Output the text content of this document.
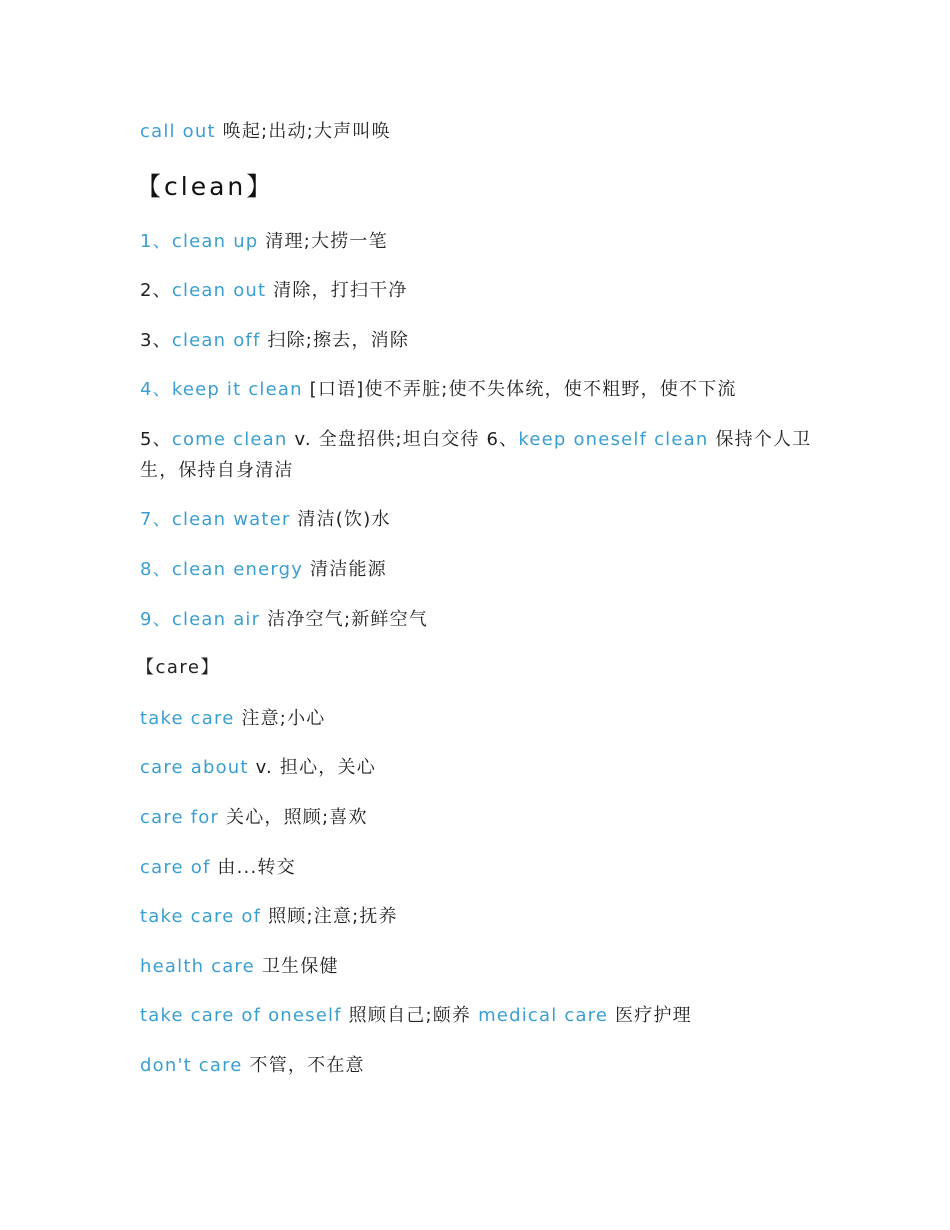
call out 唤起;出动;大声叫唤
【clean】
1、clean up 清理;大捞一笔
2、clean out 清除，打扫干净
3、clean off 扫除;擦去，消除
4、keep it clean [口语]使不弄脏;使不失体统，使不粗野，使不下流
5、come clean v. 全盘招供;坦白交待 6、keep oneself clean 保持个人卫生，保持自身清洁
7、clean water 清洁(饮)水
8、clean energy 清洁能源
9、clean air 洁净空气;新鲜空气
【care】
take care 注意;小心
care about v. 担心，关心
care for 关心，照顾;喜欢
care of 由...转交
take care of 照顾;注意;抚养
health care 卫生保健
take care of oneself 照顾自己;颐养 medical care 医疗护理
don't care 不管，不在意
